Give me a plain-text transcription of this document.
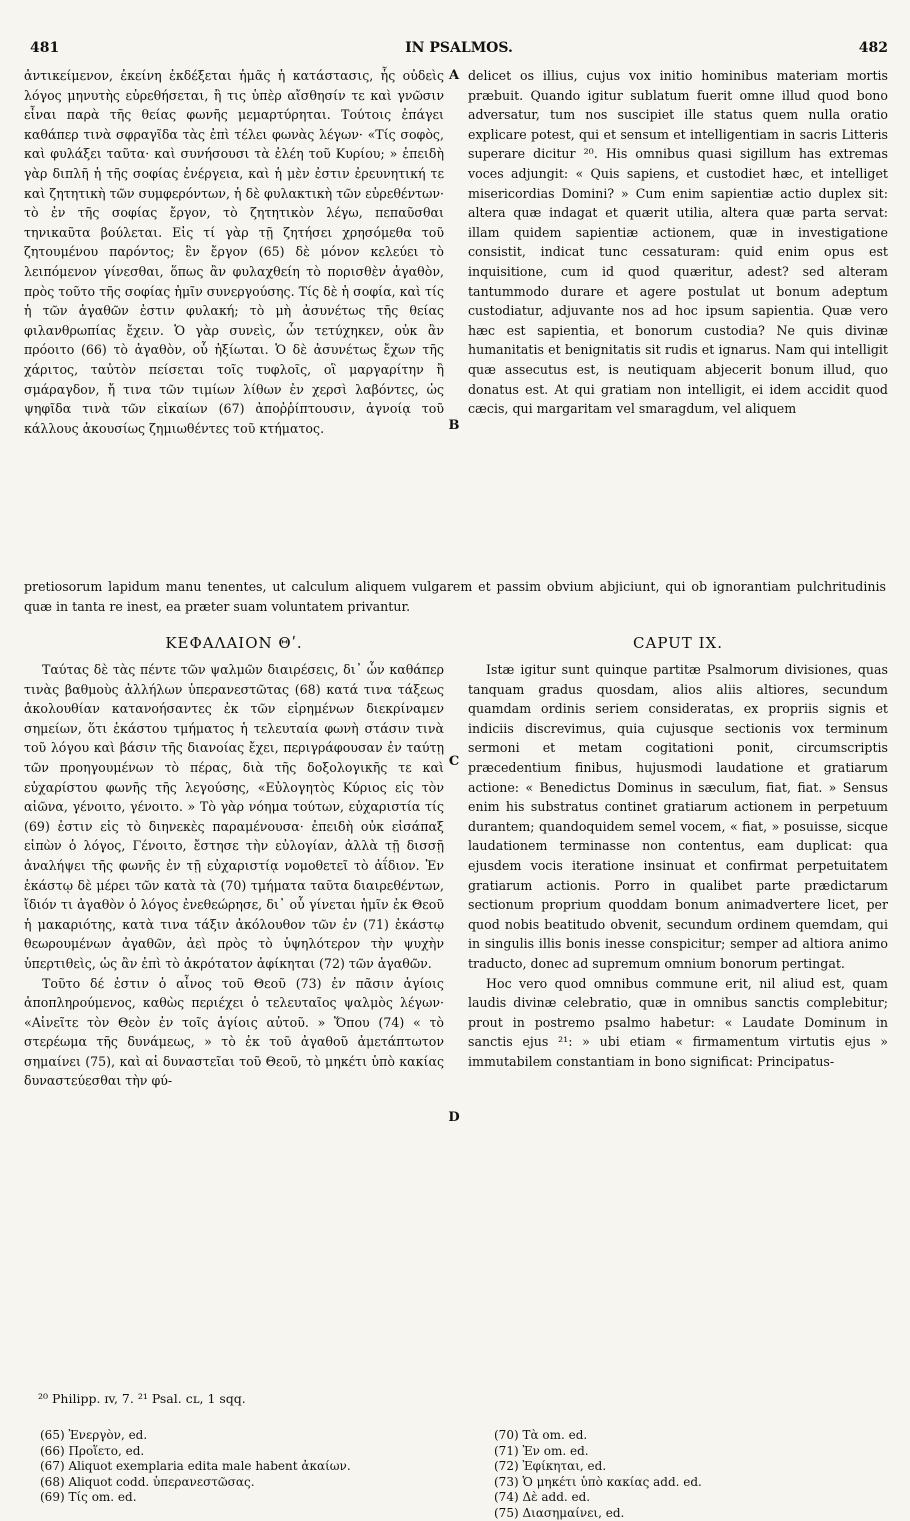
481	IN PSALMOS.	482

ἀντικείμενον, ἐκείνη ἐκδέξεται ἡμᾶς ἡ κατάστασις, ἧς οὐδεὶς λόγος μηνυτὴς εὑρεθήσεται, ἢ τις ὑπὲρ αἴσθησίν τε καὶ γνῶσιν εἶναι παρὰ τῆς θείας φωνῆς μεμαρτύρηται. Τούτοις ἐπάγει καθάπερ τινὰ σφραγῖδα τὰς ἐπὶ τέλει φωνὰς λέγων· «Τίς σοφὸς, καὶ φυλάξει ταῦτα· καὶ συνήσουσι τὰ ἐλέη τοῦ Κυρίου; » ἐπειδὴ γὰρ διπλῆ ἡ τῆς σοφίας ἐνέργεια, καὶ ἡ μὲν ἐστιν ἐρευνητική τε καὶ ζητητικὴ τῶν συμφερόντων, ἡ δὲ φυλακτικὴ τῶν εὑρεθέντων· τὸ ἐν τῆς σοφίας ἔργον, τὸ ζητητικὸν λέγω, πεπαῦσθαι τηνικαῦτα βούλεται. Εἰς τί γὰρ τῇ ζητήσει χρησόμεθα τοῦ ζητουμένου παρόντος; ἓν ἔργον (65) δὲ μόνον κελεύει τὸ λειπόμενον γίνεσθαι, ὅπως ἂν φυλαχθείη τὸ πορισθὲν ἀγαθὸν, πρὸς τοῦτο τῆς σοφίας ἡμῖν συνεργούσης. Τίς δὲ ἡ σοφία, καὶ τίς ἡ τῶν ἀγαθῶν ἐστιν φυλακή; τὸ μὴ ἀσυνέτως τῆς θείας φιλανθρωπίας ἔχειν. Ὁ γὰρ συνεὶς, ὧν τετύχηκεν, οὐκ ἂν πρόοιτο (66) τὸ ἀγαθὸν, οὗ ἠξίωται. Ὁ δὲ ἀσυνέτως ἔχων τῆς χάριτος, ταὐτὸν πείσεται τοῖς τυφλοῖς, οἳ μαργαρίτην ἢ σμάραγδον, ἤ τινα τῶν τιμίων λίθων ἐν χερσὶ λαβόντες, ὡς ψηφῖδα τινὰ τῶν εἰκαίων (67) ἀποῤῥίπτουσιν, ἀγνοίᾳ τοῦ κάλλους ἀκουσίως ζημιωθέντες τοῦ κτήματος.

delicet os illius, cujus vox initio hominibus materiam mortis præbuit. Quando igitur sublatum fuerit omne illud quod bono adversatur, tum nos suscipiet ille status quem nulla oratio explicare potest, qui et sensum et intelligentiam in sacris Litteris superare dicitur ²⁰. His omnibus quasi sigillum has extremas voces adjungit: « Quis sapiens, et custodiet hæc, et intelliget misericordias Domini? » Cum enim sapientiæ actio duplex sit: altera quæ indagat et quærit utilia, altera quæ parta servat: illam quidem sapientiæ actionem, quæ in investigatione consistit, indicat tunc cessaturam: quid enim opus est inquisitione, cum id quod quæritur, adest? sed alteram tantummodo durare et agere postulat ut bonum adeptum custodiatur, adjuvante nos ad hoc ipsum sapientia. Quæ vero hæc est sapientia, et bonorum custodia? Ne quis divinæ humanitatis et benignitatis sit rudis et ignarus. Nam qui intelligit quæ assecutus est, is neutiquam abjecerit bonum illud, quo donatus est. At qui gratiam non intelligit, ei idem accidit quod cæcis, qui margaritam vel smaragdum, vel aliquem

A
B

pretiosorum lapidum manu tenentes, ut calculum aliquem vulgarem et passim obvium abjiciunt, qui ob ignorantiam pulchritudinis quæ in tanta re inest, ea præter suam voluntatem privantur.

ΚΕΦΑΛΑΙΟΝ Θʹ.	CAPUT IX.

Ταύτας δὲ τὰς πέντε τῶν ψαλμῶν διαιρέσεις, δι᾿ ὧν καθάπερ τινὰς βαθμοὺς ἀλλήλων ὑπερανεστῶτας (68) κατά τινα τάξεως ἀκολουθίαν κατανοήσαντες ἐκ τῶν εἰρημένων διεκρίναμεν σημείων, ὅτι ἑκάστου τμήματος ἡ τελευταία φωνὴ στάσιν τινὰ τοῦ λόγου καὶ βάσιν τῆς διανοίας ἔχει, περιγράφουσαν ἐν ταύτῃ τῶν προηγουμένων τὸ πέρας, διὰ τῆς δοξολογικῆς τε καὶ εὐχαρίστου φωνῆς τῆς λεγούσης, «Εὐλογητὸς Κύριος εἰς τὸν αἰῶνα, γένοιτο, γένοιτο. » Τὸ γὰρ νόημα τούτων, εὐχαριστία τίς (69) ἐστιν εἰς τὸ διηνεκὲς παραμένουσα· ἐπειδὴ οὐκ εἰσάπαξ εἰπὼν ὁ λόγος, Γένοιτο, ἔστησε τὴν εὐλογίαν, ἀλλὰ τῇ δισσῇ ἀναλήψει τῆς φωνῆς ἐν τῇ εὐχαριστίᾳ νομοθετεῖ τὸ ἀΐδιον. Ἐν ἑκάστῳ δὲ μέρει τῶν κατὰ τὰ (70) τμήματα ταῦτα διαιρεθέντων, ἴδιόν τι ἀγαθὸν ὁ λόγος ἐνεθεώρησε, δι᾿ οὗ γίνεται ἡμῖν ἐκ Θεοῦ ἡ μακαριότης, κατὰ τινα τάξιν ἀκόλουθον τῶν ἐν (71) ἑκάστῳ θεωρουμένων ἀγαθῶν, ἀεὶ πρὸς τὸ ὑψηλότερον τὴν ψυχὴν ὑπερτιθεὶς, ὡς ἂν ἐπὶ τὸ ἀκρότατον ἀφίκηται (72) τῶν ἀγαθῶν.

Τοῦτο δέ ἐστιν ὁ αἶνος τοῦ Θεοῦ (73) ἐν πᾶσιν ἁγίοις ἀποπληρούμενος, καθὼς περιέχει ὁ τελευταῖος ψαλμὸς λέγων· «Αἰνεῖτε τὸν Θεὸν ἐν τοῖς ἁγίοις αὐτοῦ. » Ὅπου (74) « τὸ στερέωμα τῆς δυνάμεως, » τὸ ἐκ τοῦ ἀγαθοῦ ἀμετάπτωτον σημαίνει (75), καὶ αἱ δυναστεῖαι τοῦ Θεοῦ, τὸ μηκέτι ὑπὸ κακίας δυναστεύεσθαι τὴν φύ-

Istæ igitur sunt quinque partitæ Psalmorum divisiones, quas tanquam gradus quosdam, alios aliis altiores, secundum quamdam ordinis seriem consideratas, ex propriis signis et indiciis discrevimus, quia cujusque sectionis vox terminum sermoni et metam cogitationi ponit, circumscriptis præcedentium finibus, hujusmodi laudatione et gratiarum actione: « Benedictus Dominus in sæculum, fiat, fiat. » Sensus enim his substratus continet gratiarum actionem in perpetuum durantem; quandoquidem semel vocem, « fiat, » posuisse, sicque laudationem terminasse non contentus, eam duplicat: qua ejusdem vocis iteratione insinuat et confirmat perpetuitatem gratiarum actionis. Porro in qualibet parte prædictarum sectionum proprium quoddam bonum animadvertere licet, per quod nobis beatitudo obvenit, secundum ordinem quemdam, qui in singulis illis bonis inesse conspicitur; semper ad altiora animo traducto, donec ad supremum omnium bonorum pertingat.

Hoc vero quod omnibus commune erit, nil aliud est, quam laudis divinæ celebratio, quæ in omnibus sanctis complebitur; prout in postremo psalmo habetur: « Laudate Dominum in sanctis ejus ²¹: » ubi etiam « firmamentum virtutis ejus » immutabilem constantiam in bono significat: Principatus-

C
D
²⁰ Philipp. ɪv, 7. ²¹ Psal. cʟ, 1 sqq.
(65) Ἐνεργὸν, ed.
(66) Προἵετο, ed.
(67) Aliquot exemplaria edita male habent ἀκαίων.
(68) Aliquot codd. ὑπερανεστῶσας.
(69) Τίς om. ed.
(70) Τὰ om. ed.
(71) Ἐν om. ed.
(72) Ἐφίκηται, ed.
(73) Ὁ μηκέτι ὑπὸ κακίας add. ed.
(74) Δὲ add. ed.
(75) Διασημαίνει, ed.
